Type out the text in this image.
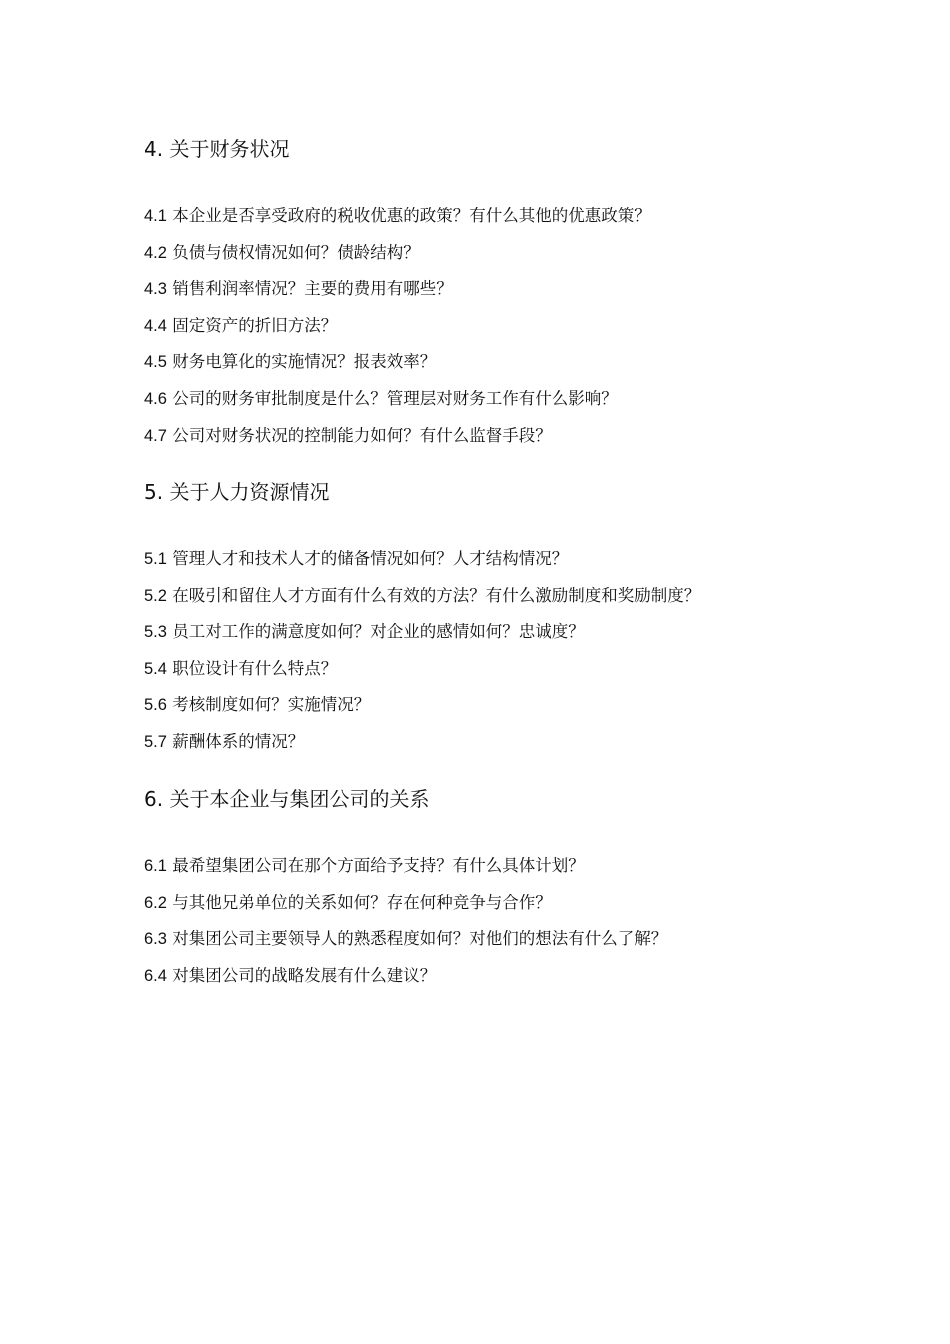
4. 关于财务状况
4.1 本企业是否享受政府的税收优惠的政策？有什么其他的优惠政策？
4.2 负债与债权情况如何？债龄结构？
4.3 销售利润率情况？主要的费用有哪些？
4.4 固定资产的折旧方法？
4.5 财务电算化的实施情况？报表效率？
4.6 公司的财务审批制度是什么？管理层对财务工作有什么影响？
4.7 公司对财务状况的控制能力如何？有什么监督手段？
5. 关于人力资源情况
5.1 管理人才和技术人才的储备情况如何？人才结构情况？
5.2 在吸引和留住人才方面有什么有效的方法？有什么激励制度和奖励制度？
5.3 员工对工作的满意度如何？对企业的感情如何？忠诚度？
5.4 职位设计有什么特点？
5.6 考核制度如何？实施情况？
5.7 薪酬体系的情况？
6. 关于本企业与集团公司的关系
6.1 最希望集团公司在那个方面给予支持？有什么具体计划？
6.2 与其他兄弟单位的关系如何？存在何种竞争与合作？
6.3 对集团公司主要领导人的熟悉程度如何？对他们的想法有什么了解？
6.4 对集团公司的战略发展有什么建议？
